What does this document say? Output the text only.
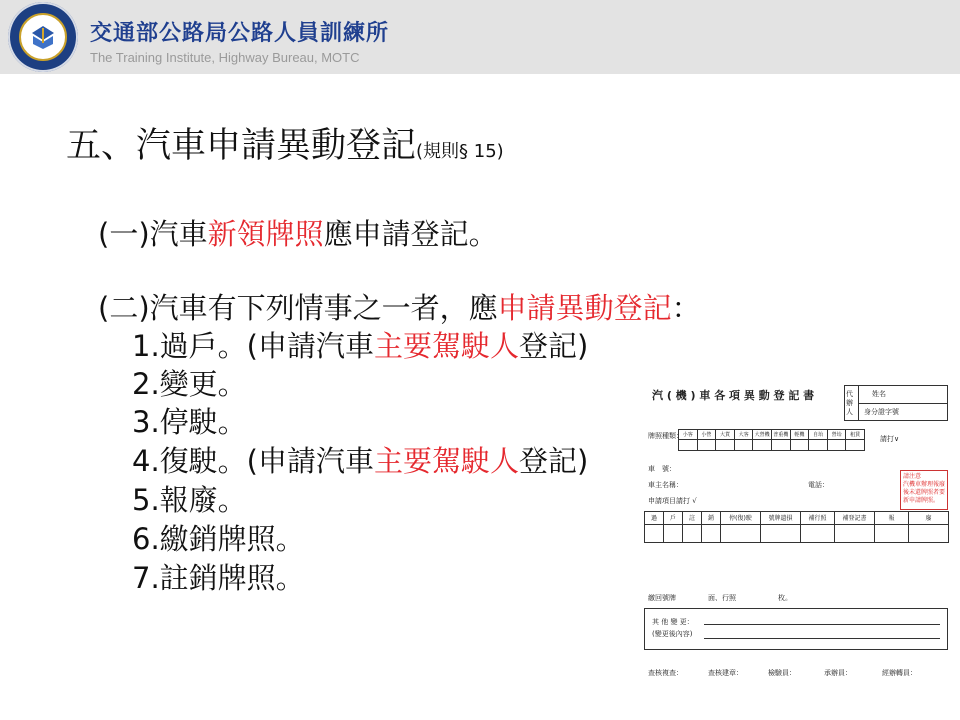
交通部公路局公路人員訓練所
The Training Institute, Highway Bureau, MOTC
五、汽車申請異動登記(規則§ 15)
(一)汽車新領牌照應申請登記。
(二)汽車有下列情事之一者，應申請異動登記：
1.過戶。(申請汽車主要駕駛人登記)
2.變更。
3.停駛。
4.復駛。(申請汽車主要駕駛人登記)
5.報廢。
6.繳銷牌照。
7.註銷牌照。
汽 ( 機 ) 車 各 項 異 動 登 記 書	代辦人
姓名
身分證字號
牌照種類： 小客	小營	大貨	大客	大營機 普重機	輕機	自坮	營坮	租賃	請打∨
車　號：
車主名稱：	電話：
申請項目請打 √
請注意
汽機車辦理報廢
後未還牌照者要
新申請牌照。
過	戶	註	銷	停(復)駛	號牌遺損	補行照	補登記書	報	廢
繳回號牌	面、行照	枚。
其 他 變 更：
(變更後內容)
查核複查：	查核建章：	檢驗員：	承辦員：	經辦轉員：
